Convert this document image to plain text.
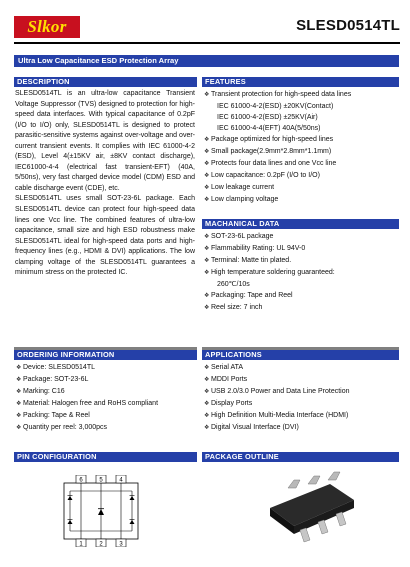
Slkor	SLESD0514TL
Ultra Low Capacitance ESD Protection Array
DESCRIPTION

SLESD0514TL is an ultra-low capacitance Transient Voltage Suppressor (TVS) designed to protection for high-speed data interfaces. With typical capacitance of 0.2pF (I/O to I/O) only, SLESD0514TL is designed to protect parasitic-sensitive systems against over-voltage and over-current transient events. It complies with IEC 61000-4-2 (ESD), Level 4(±15KV air, ±8KV contact discharge), IEC61000-4-4 (electrical fast transient-EFT) (40A, 5/50ns), very fast charged device model (CDM) ESD and cable discharge event (CDE), etc.

SLESD0514TL uses small SOT-23-6L package. Each SLESD0514TL device can protect four high-speed data lines one Vcc line. The combined features of ultra-low capacitance, small size and high ESD robustness make SLESD0514TL ideal for high-speed data ports and high-frequency lines (e.g., HDMI & DVI) applications. The low clamping voltage of the SLESD0514TL guarantees a minimum stress on the protected IC.

FEATURES
❖ Transient protection for high-speed data lines
IEC 61000-4-2(ESD) ±20KV(Contact)
IEC 61000-4-2(ESD) ±25KV(Air)
IEC 61000-4-4(EFT) 40A(5/50ns)
❖ Package optimized for high-speed lines
❖ Small package(2.9mm*2.8mm*1.1mm)
❖ Protects four data lines and one Vcc line
❖ Low capacitance: 0.2pF (I/O to I/O)
❖ Low leakage current
❖ Low clamping voltage
MACHANICAL DATA
❖ SOT-23-6L package
❖ Flammability Rating: UL 94V-0
❖ Terminal: Matte tin plated.
❖ High temperature soldering guaranteed:
260℃/10s
❖ Packaging: Tape and Reel
❖ Reel size: 7 inch
ORDERING INFORMATION
❖ Device: SLESD0514TL
❖ Package: SOT-23-6L
❖ Marking: C16
❖ Material: Halogen free and RoHS compliant
❖ Packing: Tape & Reel
❖ Quantity per reel: 3,000pcs
APPLICATIONS
❖ Serial ATA
❖ MDDI Ports
❖ USB 2.0/3.0 Power and Data Line Protection
❖ Display Ports
❖ High Definition Multi-Media Interface (HDMI)
❖ Digital Visual Interface (DVI)
PIN CONFIGURATION
6	5	4
1	2	3
PACKAGE OUTLINE
